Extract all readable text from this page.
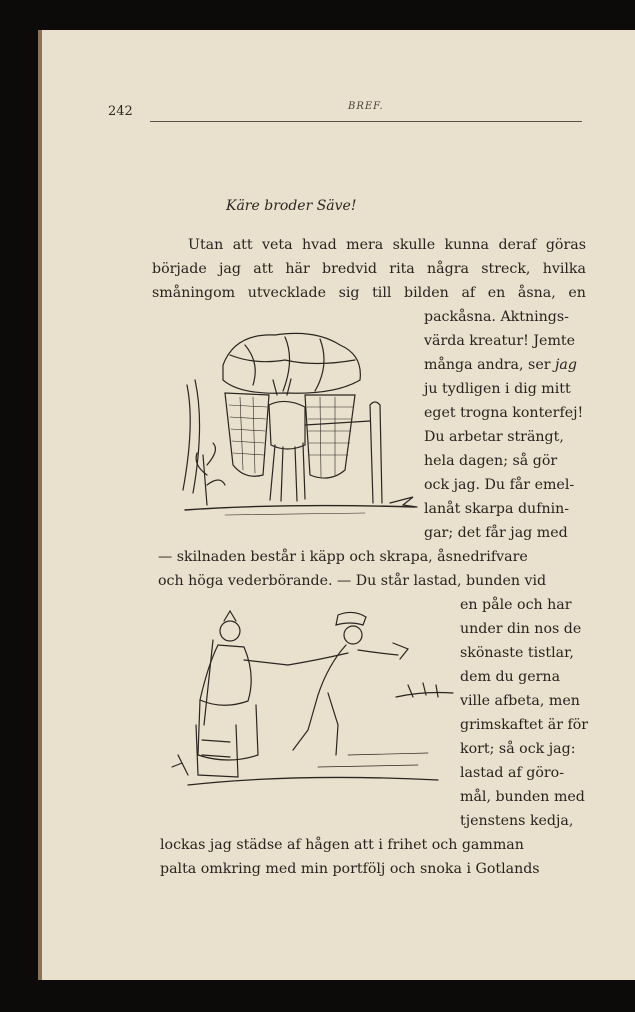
242	BREF.

Käre broder Säve!

Utan att veta hvad mera skulle kunna deraf göras

började jag att här bredvid rita några streck, hvilka

småningom utvecklade sig till bilden af en åsna, en

packåsna. Aktnings-

värda kreatur! Jemte

många andra, ser jag

ju tydligen i dig mitt

eget trogna konterfej!

Du arbetar strängt,

hela dagen; så gör

ock jag. Du får emel-

lanåt skarpa dufnin-

gar; det får jag med

— skilnaden består i käpp och skrapa, åsnedrifvare

och höga vederbörande. — Du står lastad, bunden vid

en påle och har

under din nos de

skönaste tistlar,

dem du gerna

ville afbeta, men

grimskaftet är för

kort; så ock jag:

lastad af göro-

mål, bunden med

tjenstens kedja,

lockas jag städse af hågen att i frihet och gamman

palta omkring med min portfölj och snoka i Gotlands
